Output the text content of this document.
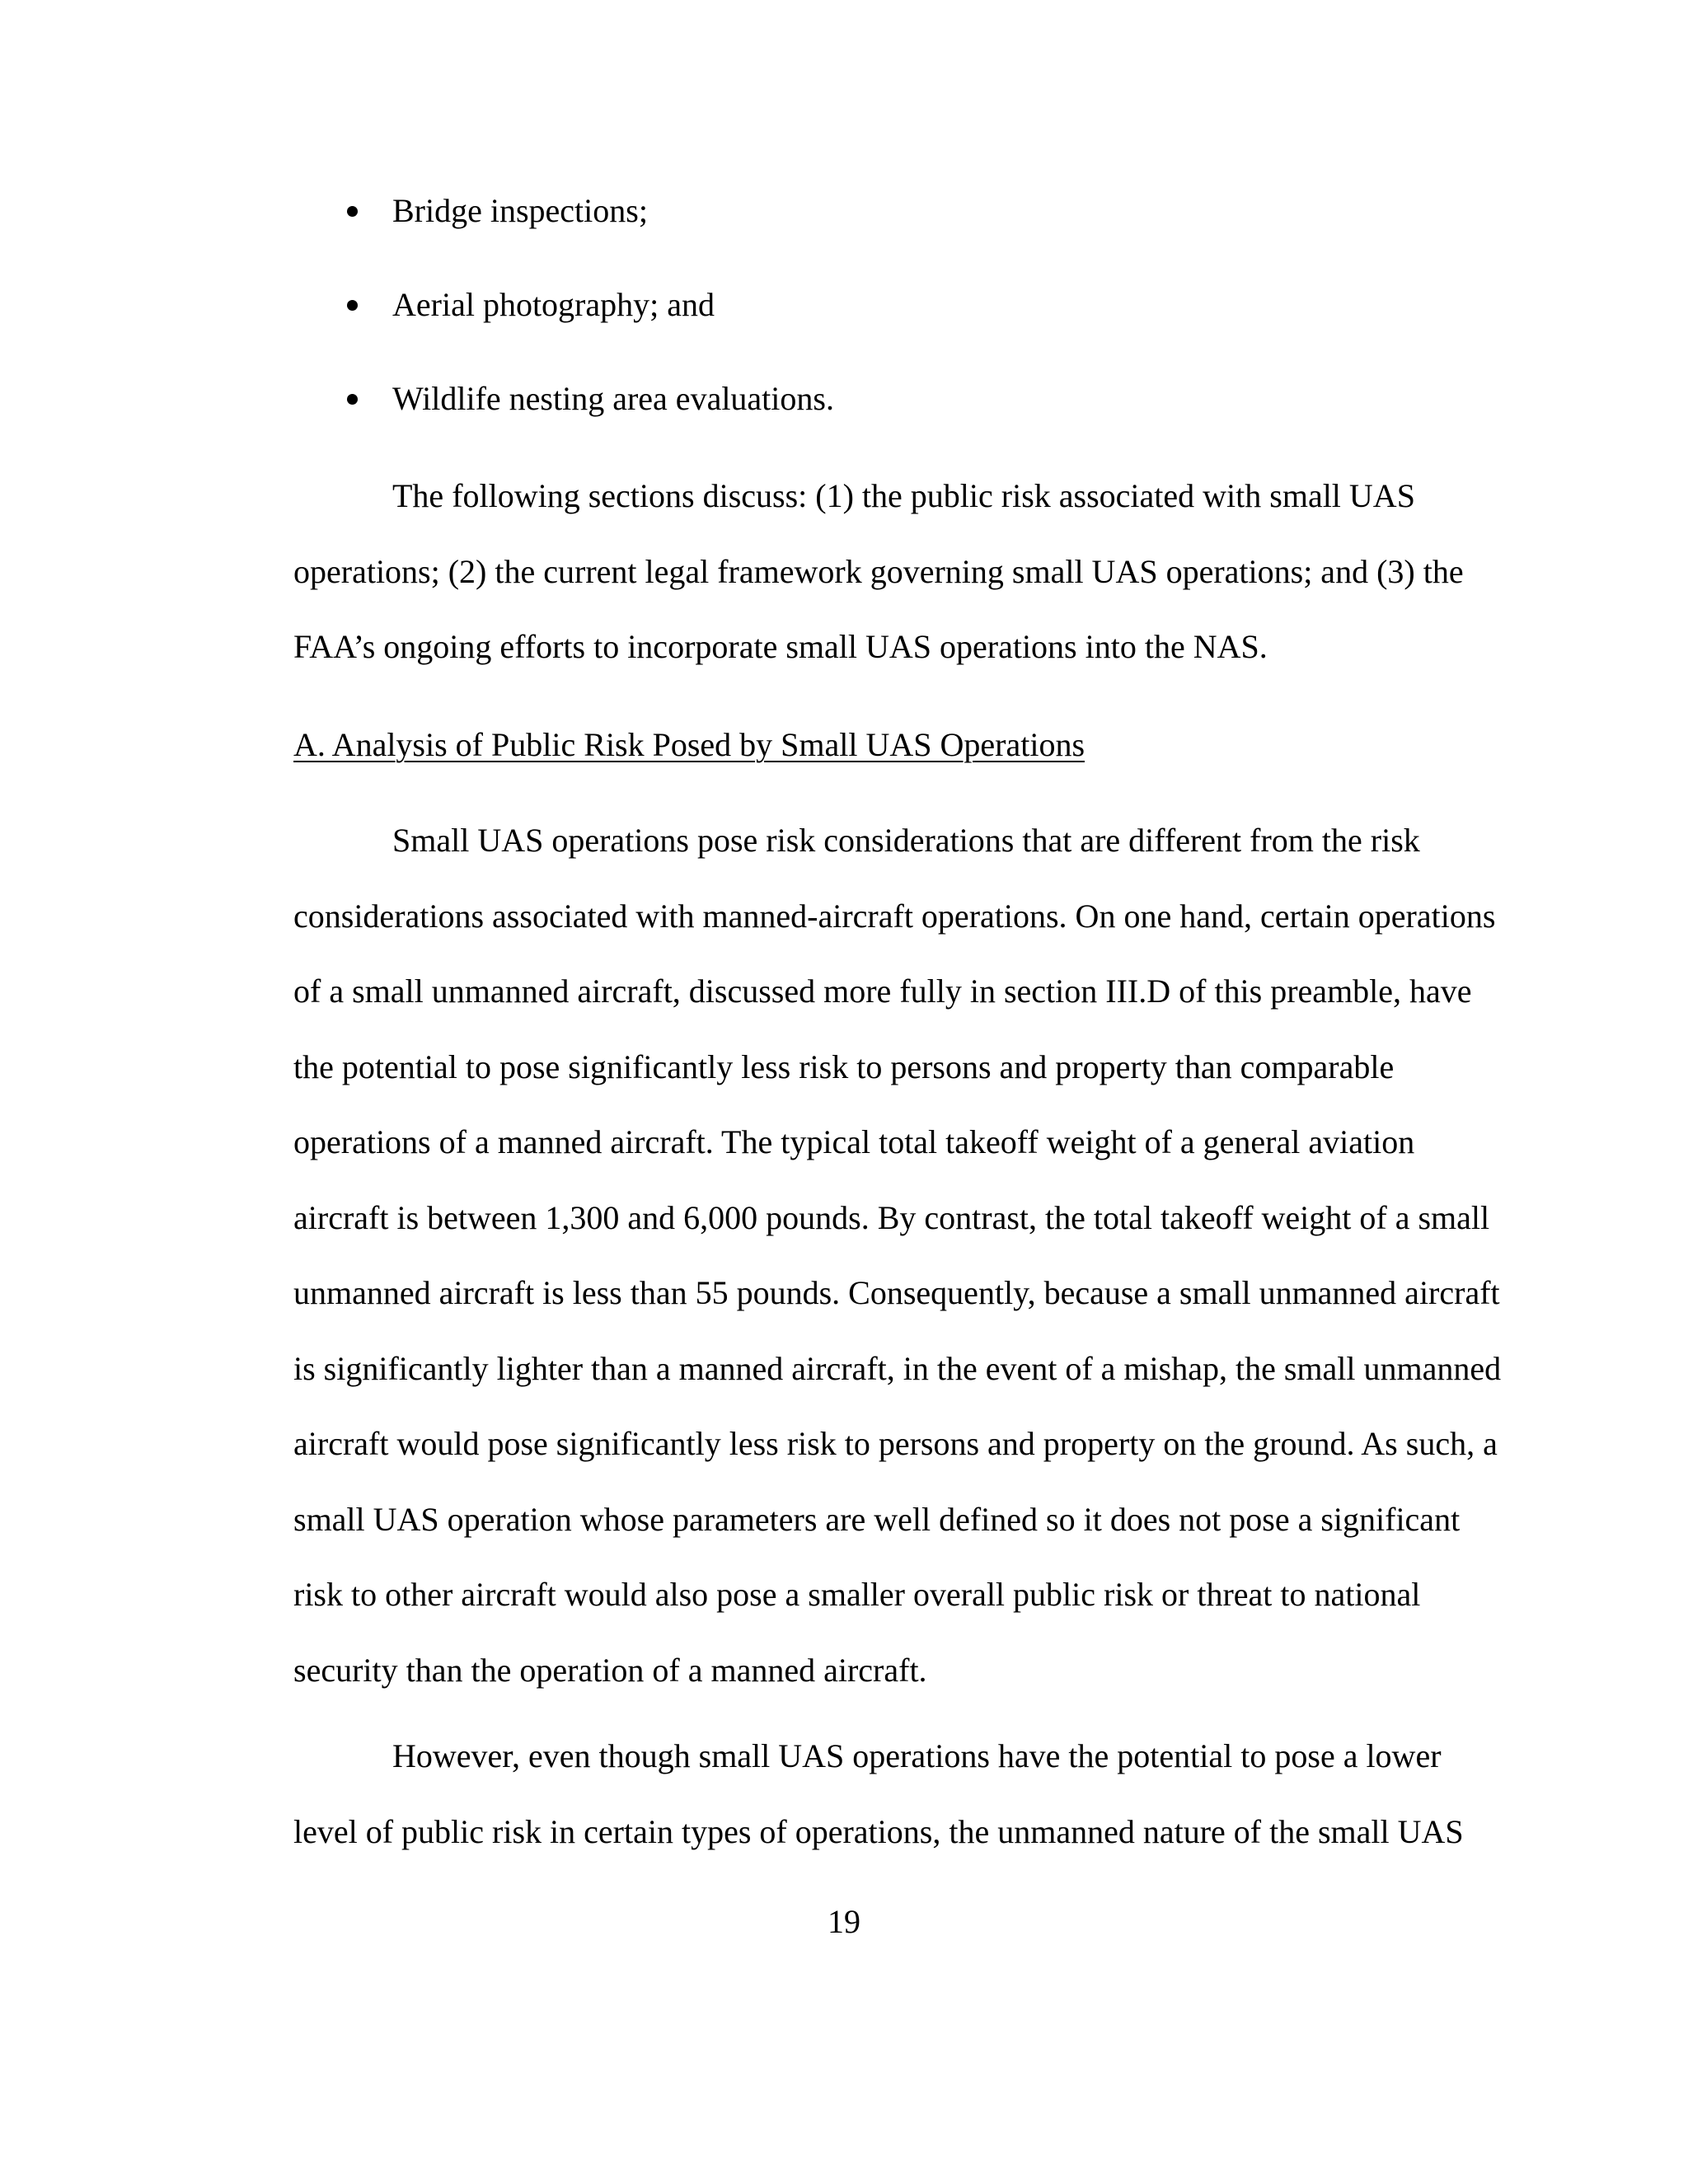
Bridge inspections;
Aerial photography; and
Wildlife nesting area evaluations.

The following sections discuss: (1) the public risk associated with small UAS
operations; (2) the current legal framework governing small UAS operations; and (3) the
FAA’s ongoing efforts to incorporate small UAS operations into the NAS.

A. Analysis of Public Risk Posed by Small UAS Operations

Small UAS operations pose risk considerations that are different from the risk
considerations associated with manned-aircraft operations. On one hand, certain operations
of a small unmanned aircraft, discussed more fully in section III.D of this preamble, have
the potential to pose significantly less risk to persons and property than comparable
operations of a manned aircraft. The typical total takeoff weight of a general aviation
aircraft is between 1,300 and 6,000 pounds. By contrast, the total takeoff weight of a small
unmanned aircraft is less than 55 pounds. Consequently, because a small unmanned aircraft
is significantly lighter than a manned aircraft, in the event of a mishap, the small unmanned
aircraft would pose significantly less risk to persons and property on the ground. As such, a
small UAS operation whose parameters are well defined so it does not pose a significant
risk to other aircraft would also pose a smaller overall public risk or threat to national
security than the operation of a manned aircraft.

However, even though small UAS operations have the potential to pose a lower
level of public risk in certain types of operations, the unmanned nature of the small UAS

19
